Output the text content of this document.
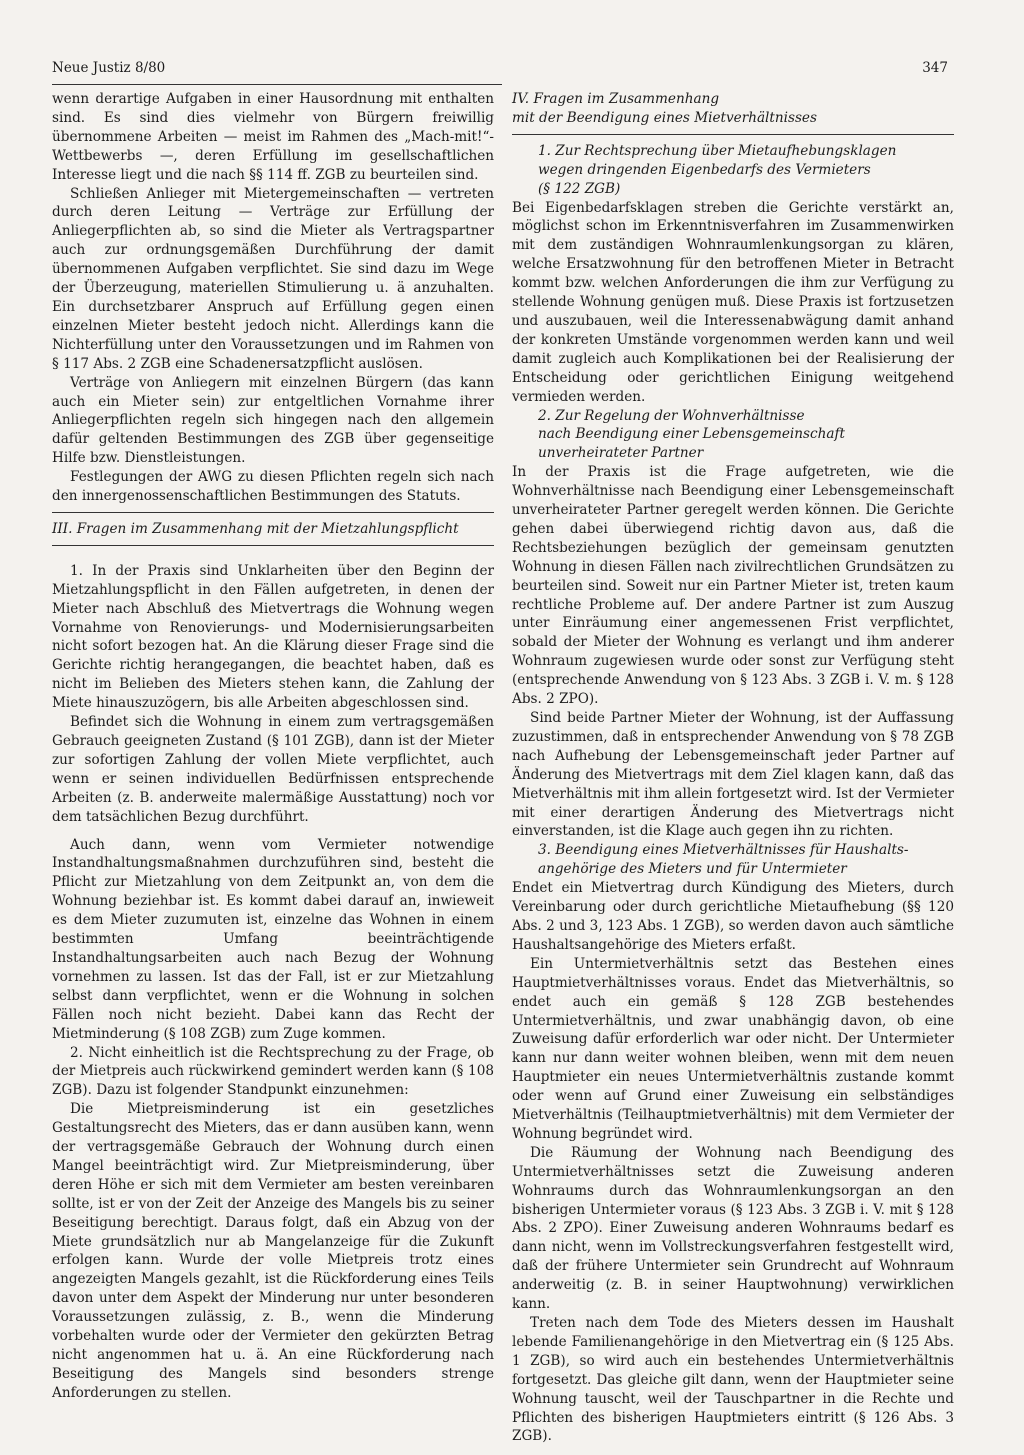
Neue Justiz 8/80	347

wenn derartige Aufgaben in einer Hausordnung mit enthalten sind. Es sind dies vielmehr von Bürgern freiwillig übernommene Arbeiten — meist im Rahmen des „Mach-mit!“-Wettbewerbs —, deren Erfüllung im gesellschaftlichen Interesse liegt und die nach §§ 114 ff. ZGB zu beurteilen sind.

Schließen Anlieger mit Mietergemeinschaften — vertreten durch deren Leitung — Verträge zur Erfüllung der Anliegerpflichten ab, so sind die Mieter als Vertragspartner auch zur ordnungsgemäßen Durchführung der damit übernommenen Aufgaben verpflichtet. Sie sind dazu im Wege der Überzeugung, materiellen Stimulierung u. ä anzuhalten. Ein durchsetzbarer Anspruch auf Erfüllung gegen einen einzelnen Mieter besteht jedoch nicht. Allerdings kann die Nichterfüllung unter den Voraussetzungen und im Rahmen von § 117 Abs. 2 ZGB eine Schadenersatzpflicht auslösen.

Verträge von Anliegern mit einzelnen Bürgern (das kann auch ein Mieter sein) zur entgeltlichen Vornahme ihrer Anliegerpflichten regeln sich hingegen nach den allgemein dafür geltenden Bestimmungen des ZGB über gegenseitige Hilfe bzw. Dienstleistungen.

Festlegungen der AWG zu diesen Pflichten regeln sich nach den innergenossenschaftlichen Bestimmungen des Statuts.

III. Fragen im Zusammenhang mit der Mietzahlungspflicht

1. In der Praxis sind Unklarheiten über den Beginn der Mietzahlungspflicht in den Fällen aufgetreten, in denen der Mieter nach Abschluß des Mietvertrags die Wohnung wegen Vornahme von Renovierungs- und Modernisierungsarbeiten nicht sofort bezogen hat. An die Klärung dieser Frage sind die Gerichte richtig herangegangen, die beachtet haben, daß es nicht im Belieben des Mieters stehen kann, die Zahlung der Miete hinauszuzögern, bis alle Arbeiten abgeschlossen sind.

Befindet sich die Wohnung in einem zum vertragsgemäßen Gebrauch geeigneten Zustand (§ 101 ZGB), dann ist der Mieter zur sofortigen Zahlung der vollen Miete verpflichtet, auch wenn er seinen individuellen Bedürfnissen entsprechende Arbeiten (z. B. anderweite malermäßige Ausstattung) noch vor dem tatsächlichen Bezug durchführt.

Auch dann, wenn vom Vermieter notwendige Instandhaltungsmaßnahmen durchzuführen sind, besteht die Pflicht zur Mietzahlung von dem Zeitpunkt an, von dem die Wohnung beziehbar ist. Es kommt dabei darauf an, inwieweit es dem Mieter zuzumuten ist, einzelne das Wohnen in einem bestimmten Umfang beeinträchtigende Instandhaltungsarbeiten auch nach Bezug der Wohnung vornehmen zu lassen. Ist das der Fall, ist er zur Mietzahlung selbst dann verpflichtet, wenn er die Wohnung in solchen Fällen noch nicht bezieht. Dabei kann das Recht der Mietminderung (§ 108 ZGB) zum Zuge kommen.

2. Nicht einheitlich ist die Rechtsprechung zu der Frage, ob der Mietpreis auch rückwirkend gemindert werden kann (§ 108 ZGB). Dazu ist folgender Standpunkt einzunehmen:

Die Mietpreisminderung ist ein gesetzliches Gestaltungsrecht des Mieters, das er dann ausüben kann, wenn der vertragsgemäße Gebrauch der Wohnung durch einen Mangel beeinträchtigt wird. Zur Mietpreisminderung, über deren Höhe er sich mit dem Vermieter am besten vereinbaren sollte, ist er von der Zeit der Anzeige des Mangels bis zu seiner Beseitigung berechtigt. Daraus folgt, daß ein Abzug von der Miete grundsätzlich nur ab Mangelanzeige für die Zukunft erfolgen kann. Wurde der volle Mietpreis trotz eines angezeigten Mangels gezahlt, ist die Rückforderung eines Teils davon unter dem Aspekt der Minderung nur unter besonderen Voraussetzungen zulässig, z. B., wenn die Minderung vorbehalten wurde oder der Vermieter den gekürzten Betrag nicht angenommen hat u. ä. An eine Rückforderung nach Beseitigung des Mangels sind besonders strenge Anforderungen zu stellen.

IV. Fragen im Zusammenhang
mit der Beendigung eines Mietverhältnisses
1. Zur Rechtsprechung über Mietaufhebungsklagen
wegen dringenden Eigenbedarfs des Vermieters
(§ 122 ZGB)

Bei Eigenbedarfsklagen streben die Gerichte verstärkt an, möglichst schon im Erkenntnisverfahren im Zusammenwirken mit dem zuständigen Wohnraumlenkungsorgan zu klären, welche Ersatzwohnung für den betroffenen Mieter in Betracht kommt bzw. welchen Anforderungen die ihm zur Verfügung zu stellende Wohnung genügen muß. Diese Praxis ist fortzusetzen und auszubauen, weil die Interessenabwägung damit anhand der konkreten Umstände vorgenommen werden kann und weil damit zugleich auch Komplikationen bei der Realisierung der Entscheidung oder gerichtlichen Einigung weitgehend vermieden werden.

2. Zur Regelung der Wohnverhältnisse
nach Beendigung einer Lebensgemeinschaft
unverheirateter Partner

In der Praxis ist die Frage aufgetreten, wie die Wohnverhältnisse nach Beendigung einer Lebensgemeinschaft unverheirateter Partner geregelt werden können. Die Gerichte gehen dabei überwiegend richtig davon aus, daß die Rechtsbeziehungen bezüglich der gemeinsam genutzten Wohnung in diesen Fällen nach zivilrechtlichen Grundsätzen zu beurteilen sind. Soweit nur ein Partner Mieter ist, treten kaum rechtliche Probleme auf. Der andere Partner ist zum Auszug unter Einräumung einer angemessenen Frist verpflichtet, sobald der Mieter der Wohnung es verlangt und ihm anderer Wohnraum zugewiesen wurde oder sonst zur Verfügung steht (entsprechende Anwendung von § 123 Abs. 3 ZGB i. V. m. § 128 Abs. 2 ZPO).

Sind beide Partner Mieter der Wohnung, ist der Auffassung zuzustimmen, daß in entsprechender Anwendung von § 78 ZGB nach Aufhebung der Lebensgemeinschaft jeder Partner auf Änderung des Mietvertrags mit dem Ziel klagen kann, daß das Mietverhältnis mit ihm allein fortgesetzt wird. Ist der Vermieter mit einer derartigen Änderung des Mietvertrags nicht einverstanden, ist die Klage auch gegen ihn zu richten.

3. Beendigung eines Mietverhältnisses für Haushalts-
angehörige des Mieters und für Untermieter

Endet ein Mietvertrag durch Kündigung des Mieters, durch Vereinbarung oder durch gerichtliche Mietaufhebung (§§ 120 Abs. 2 und 3, 123 Abs. 1 ZGB), so werden davon auch sämtliche Haushaltsangehörige des Mieters erfaßt.

Ein Untermietverhältnis setzt das Bestehen eines Hauptmietverhältnisses voraus. Endet das Mietverhältnis, so endet auch ein gemäß § 128 ZGB bestehendes Untermietverhältnis, und zwar unabhängig davon, ob eine Zuweisung dafür erforderlich war oder nicht. Der Untermieter kann nur dann weiter wohnen bleiben, wenn mit dem neuen Hauptmieter ein neues Untermietverhältnis zustande kommt oder wenn auf Grund einer Zuweisung ein selbständiges Mietverhältnis (Teilhauptmietverhältnis) mit dem Vermieter der Wohnung begründet wird.

Die Räumung der Wohnung nach Beendigung des Untermietverhältnisses setzt die Zuweisung anderen Wohnraums durch das Wohnraumlenkungsorgan an den bisherigen Untermieter voraus (§ 123 Abs. 3 ZGB i. V. mit § 128 Abs. 2 ZPO). Einer Zuweisung anderen Wohnraums bedarf es dann nicht, wenn im Vollstreckungsverfahren festgestellt wird, daß der frühere Untermieter sein Grundrecht auf Wohnraum anderweitig (z. B. in seiner Hauptwohnung) verwirklichen kann.

Treten nach dem Tode des Mieters dessen im Haushalt lebende Familienangehörige in den Mietvertrag ein (§ 125 Abs. 1 ZGB), so wird auch ein bestehendes Untermietverhältnis fortgesetzt. Das gleiche gilt dann, wenn der Hauptmieter seine Wohnung tauscht, weil der Tauschpartner in die Rechte und Pflichten des bisherigen Hauptmieters eintritt (§ 126 Abs. 3 ZGB).
